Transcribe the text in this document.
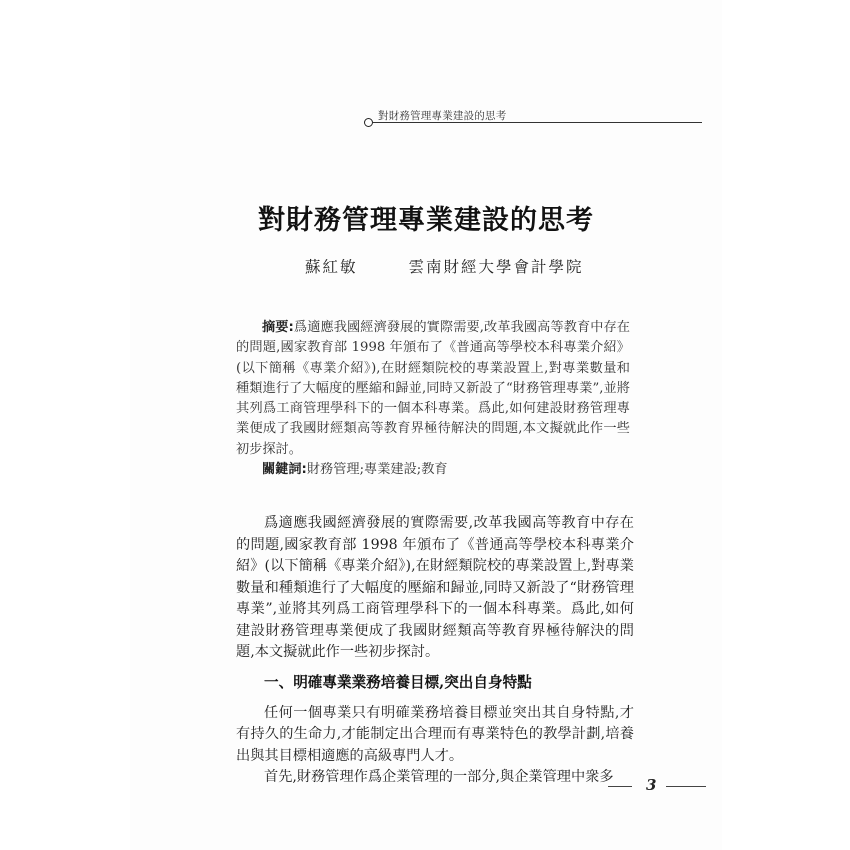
對財務管理專業建設的思考
對財務管理專業建設的思考
蘇紅敏	雲南財經大學會計學院

摘要:爲適應我國經濟發展的實際需要,改革我國高等教育中存在的問題,國家教育部 1998 年頒布了《普通高等學校本科專業介紹》(以下簡稱《專業介紹》),在財經類院校的專業設置上,對專業數量和種類進行了大幅度的壓縮和歸並,同時又新設了“財務管理專業”,並將其列爲工商管理學科下的一個本科專業。爲此,如何建設財務管理專業便成了我國財經類高等教育界極待解決的問題,本文擬就此作一些初步探討。

關鍵詞:財務管理;專業建設;教育

爲適應我國經濟發展的實際需要,改革我國高等教育中存在的問題,國家教育部 1998 年頒布了《普通高等學校本科專業介紹》(以下簡稱《專業介紹》),在財經類院校的專業設置上,對專業數量和種類進行了大幅度的壓縮和歸並,同時又新設了“財務管理專業”,並將其列爲工商管理學科下的一個本科專業。爲此,如何建設財務管理專業便成了我國財經類高等教育界極待解決的問題,本文擬就此作一些初步探討。

一、明確專業業務培養目標,突出自身特點

任何一個專業只有明確業務培養目標並突出其自身特點,才有持久的生命力,才能制定出合理而有專業特色的教學計劃,培養出與其目標相適應的高級專門人才。

首先,財務管理作爲企業管理的一部分,與企業管理中衆多	3
